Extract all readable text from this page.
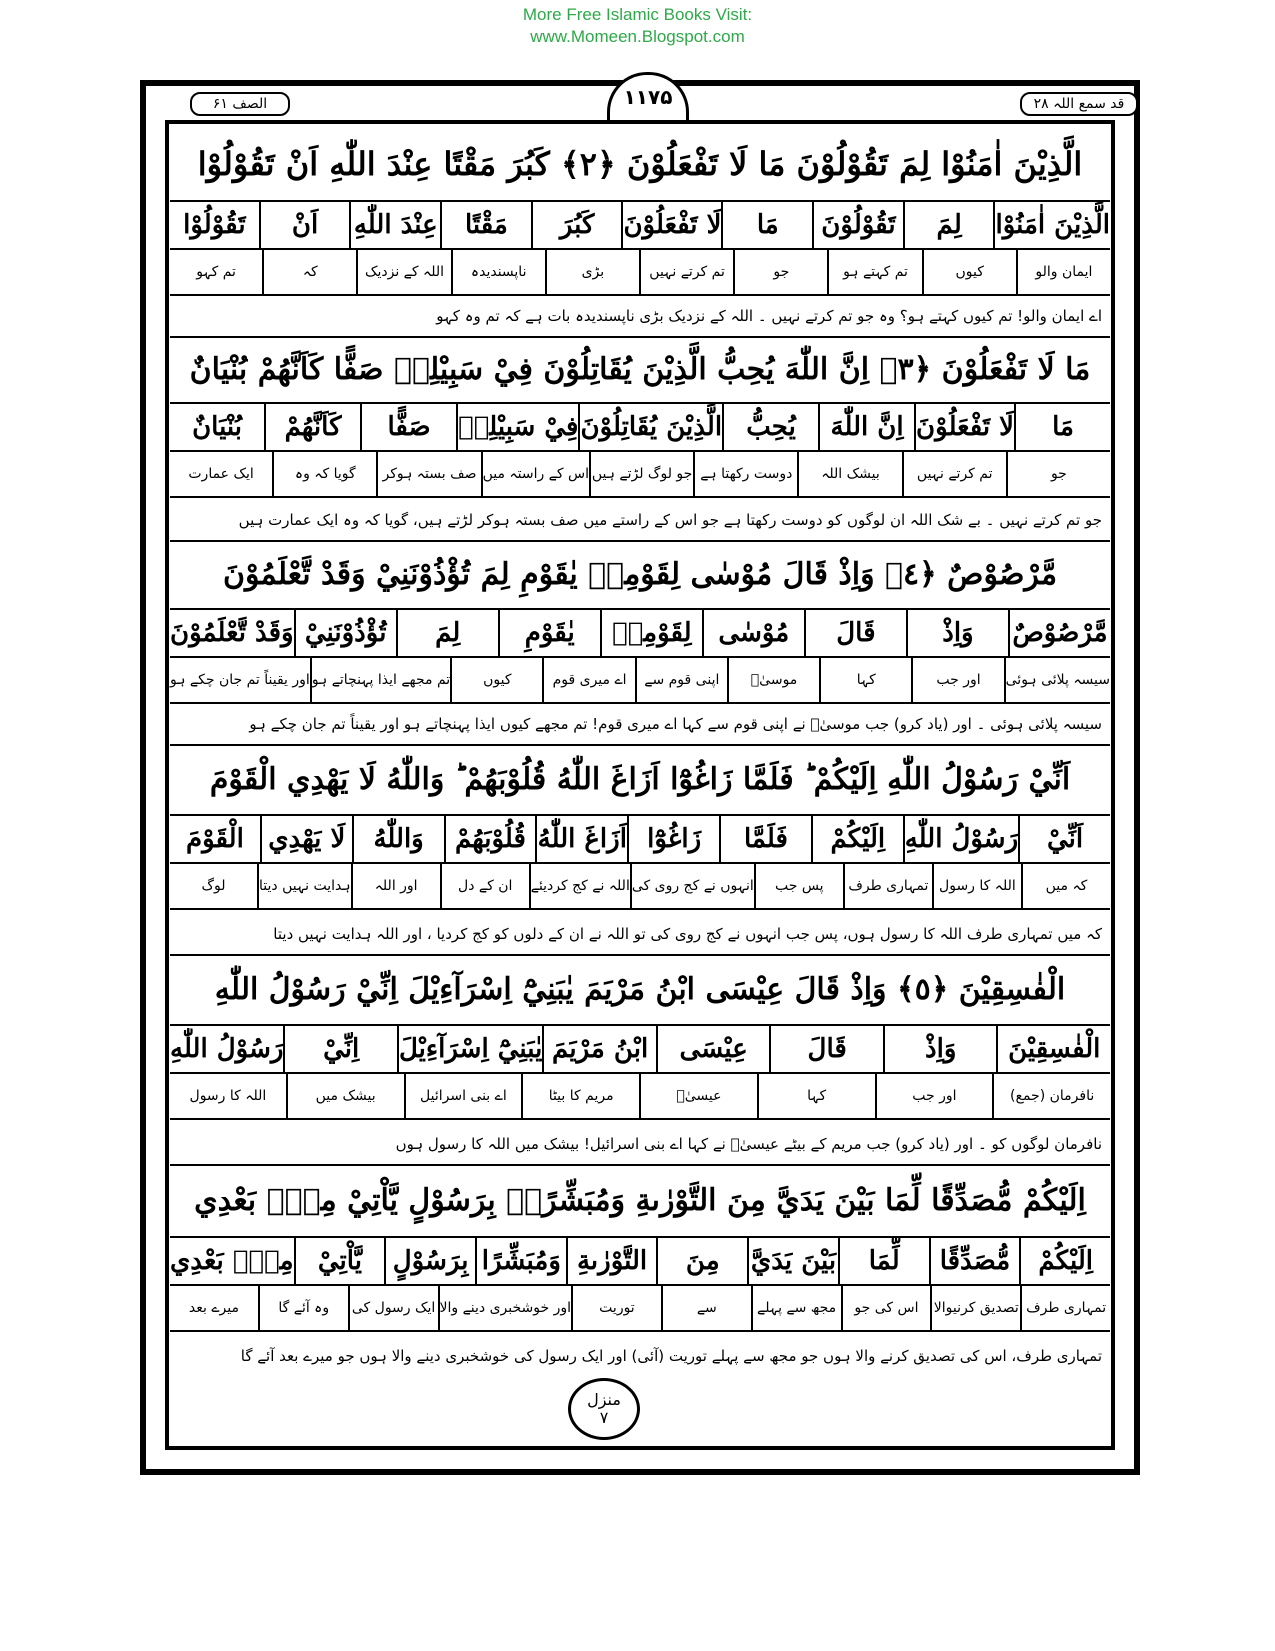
More Free Islamic Books Visit:
www.Momeen.Blogspot.com
قد سمع اللہ ۲۸
الصف ۶۱	۱۱۷۵
الَّذِيْنَ اٰمَنُوْا لِمَ تَقُوْلُوْنَ مَا لَا تَفْعَلُوْنَ ﴿٢﴾ كَبُرَ مَقْتًا عِنْدَ اللّٰهِ اَنْ تَقُوْلُوْا
الَّذِيْنَ اٰمَنُوْا
لِمَ
تَقُوْلُوْنَ
مَا
لَا تَفْعَلُوْنَ
كَبُرَ
مَقْتًا
عِنْدَ اللّٰهِ
اَنْ
تَقُوْلُوْا
ایمان والو
کیوں
تم کہتے ہو
جو
تم کرتے نہیں
بڑی
ناپسندیدہ
اللہ کے نزدیک
کہ
تم کہو
اے ایمان والو! تم کیوں کہتے ہو؟ وہ جو تم کرتے نہیں ۔ اللہ کے نزدیک بڑی ناپسندیدہ بات ہے کہ تم وہ کہو
مَا لَا تَفْعَلُوْنَ ﴿٣﴾ اِنَّ اللّٰهَ يُحِبُّ الَّذِيْنَ يُقَاتِلُوْنَ فِيْ سَبِيْلِهٖ صَفًّا كَاَنَّهُمْ بُنْيَانٌ
مَا
لَا تَفْعَلُوْنَ
اِنَّ اللّٰهَ
يُحِبُّ
الَّذِيْنَ يُقَاتِلُوْنَ
فِيْ سَبِيْلِهٖ
صَفًّا
كَاَنَّهُمْ
بُنْيَانٌ
جو
تم کرتے نہیں
بیشک اللہ
دوست رکھتا ہے
جو لوگ لڑتے ہیں
اس کے راستہ میں
صف بستہ ہوکر
گویا کہ وہ
ایک عمارت
جو تم کرتے نہیں ۔ بے شک اللہ ان لوگوں کو دوست رکھتا ہے جو اس کے راستے میں صف بستہ ہوکر لڑتے ہیں، گویا کہ وہ ایک عمارت ہیں
مَّرْصُوْصٌ ﴿٤﴾ وَاِذْ قَالَ مُوْسٰى لِقَوْمِهٖ يٰقَوْمِ لِمَ تُؤْذُوْنَنِيْ وَقَدْ تَّعْلَمُوْنَ
مَّرْصُوْصٌ
وَاِذْ
قَالَ
مُوْسٰى
لِقَوْمِهٖ
يٰقَوْمِ
لِمَ
تُؤْذُوْنَنِيْ
وَقَدْ تَّعْلَمُوْنَ
سیسہ پلائی ہوئی
اور جب
کہا
موسیٰؑ
اپنی قوم سے
اے میری قوم
کیوں
تم مجھے ایذا پہنچاتے ہو
اور یقیناً تم جان چکے ہو
سیسہ پلائی ہوئی ۔ اور (یاد کرو) جب موسیٰؑ نے اپنی قوم سے کہا اے میری قوم! تم مجھے کیوں ایذا پہنچاتے ہو اور یقیناً تم جان چکے ہو
اَنِّيْ رَسُوْلُ اللّٰهِ اِلَيْكُمْ ؕ فَلَمَّا زَاغُوْٓا اَزَاغَ اللّٰهُ قُلُوْبَهُمْ ؕ وَاللّٰهُ لَا يَهْدِي الْقَوْمَ
اَنِّيْ
رَسُوْلُ اللّٰهِ
اِلَيْكُمْ
فَلَمَّا
زَاغُوْٓا
اَزَاغَ اللّٰهُ
قُلُوْبَهُمْ
وَاللّٰهُ
لَا يَهْدِي
الْقَوْمَ
کہ میں
اللہ کا رسول
تمہاری طرف
پس جب
انہوں نے کج روی کی
اللہ نے کج کردیئے
ان کے دل
اور اللہ
ہدایت نہیں دیتا
لوگ
کہ میں تمہاری طرف اللہ کا رسول ہوں، پس جب انہوں نے کج روی کی تو اللہ نے ان کے دلوں کو کج کردیا ، اور اللہ ہدایت نہیں دیتا
الْفٰسِقِيْنَ ﴿٥﴾ وَاِذْ قَالَ عِيْسَى ابْنُ مَرْيَمَ يٰبَنِيْٓ اِسْرَآءِيْلَ اِنِّيْ رَسُوْلُ اللّٰهِ
الْفٰسِقِيْنَ
وَاِذْ
قَالَ
عِيْسَى
ابْنُ مَرْيَمَ
يٰبَنِيْٓ اِسْرَآءِيْلَ
اِنِّيْ
رَسُوْلُ اللّٰهِ
نافرمان (جمع)
اور جب
کہا
عیسیٰؑ
مریم کا بیٹا
اے بنی اسرائیل
بیشک میں
اللہ کا رسول
نافرمان لوگوں کو ۔ اور (یاد کرو) جب مریم کے بیٹے عیسیٰؑ نے کہا اے بنی اسرائیل! بیشک میں اللہ کا رسول ہوں
اِلَيْكُمْ مُّصَدِّقًا لِّمَا بَيْنَ يَدَيَّ مِنَ التَّوْرٰىةِ وَمُبَشِّرًاۢ بِرَسُوْلٍ يَّاْتِيْ مِنْۢ بَعْدِي
اِلَيْكُمْ
مُّصَدِّقًا
لِّمَا
بَيْنَ يَدَيَّ
مِنَ
التَّوْرٰىةِ
وَمُبَشِّرًا
بِرَسُوْلٍ
يَّاْتِيْ
مِنْۢ بَعْدِي
تمہاری طرف
تصدیق کرنیوالا
اس کی جو
مجھ سے پہلے
سے
توریت
اور خوشخبری دینے والا
ایک رسول کی
وہ آئے گا
میرے بعد
تمہاری طرف، اس کی تصدیق کرنے والا ہوں جو مجھ سے پہلے توریت (آئی) اور ایک رسول کی خوشخبری دینے والا ہوں جو میرے بعد آئے گا
منزل
۷
